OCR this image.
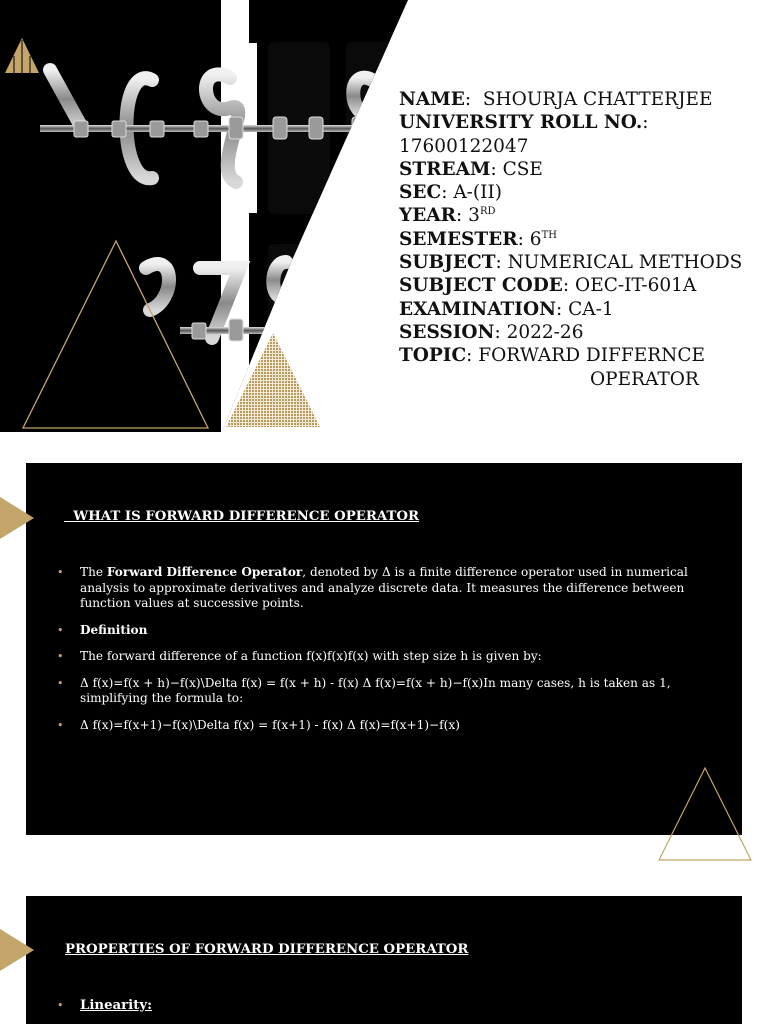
NAME:  SHOURJA CHATTERJEE
UNIVERSITY ROLL NO.:
17600122047
STREAM: CSE
SEC: A-(II)
YEAR: 3RD
SEMESTER: 6TH
SUBJECT: NUMERICAL METHODS
SUBJECT CODE: OEC-IT-601A
EXAMINATION: CA-1
SESSION: 2022-26
TOPIC: FORWARD DIFFERNCE
OPERATOR
WHAT IS FORWARD DIFFERENCE OPERATOR
• The Forward Difference Operator, denoted by Δ is a finite difference operator used in numerical analysis to approximate derivatives and analyze discrete data. It measures the difference between function values at successive points.
• Definition
• The forward difference of a function f(x)f(x)f(x) with step size h is given by:
• Δ f(x)=f(x + h)−f(x)\Delta f(x) = f(x + h) - f(x) Δ f(x)=f(x + h)−f(x)In many cases, h is taken as 1, simplifying the formula to:
• Δ f(x)=f(x+1)−f(x)\Delta f(x) = f(x+1) - f(x) Δ f(x)=f(x+1)−f(x)
PROPERTIES OF FORWARD DIFFERENCE OPERATOR
• Linearity:
